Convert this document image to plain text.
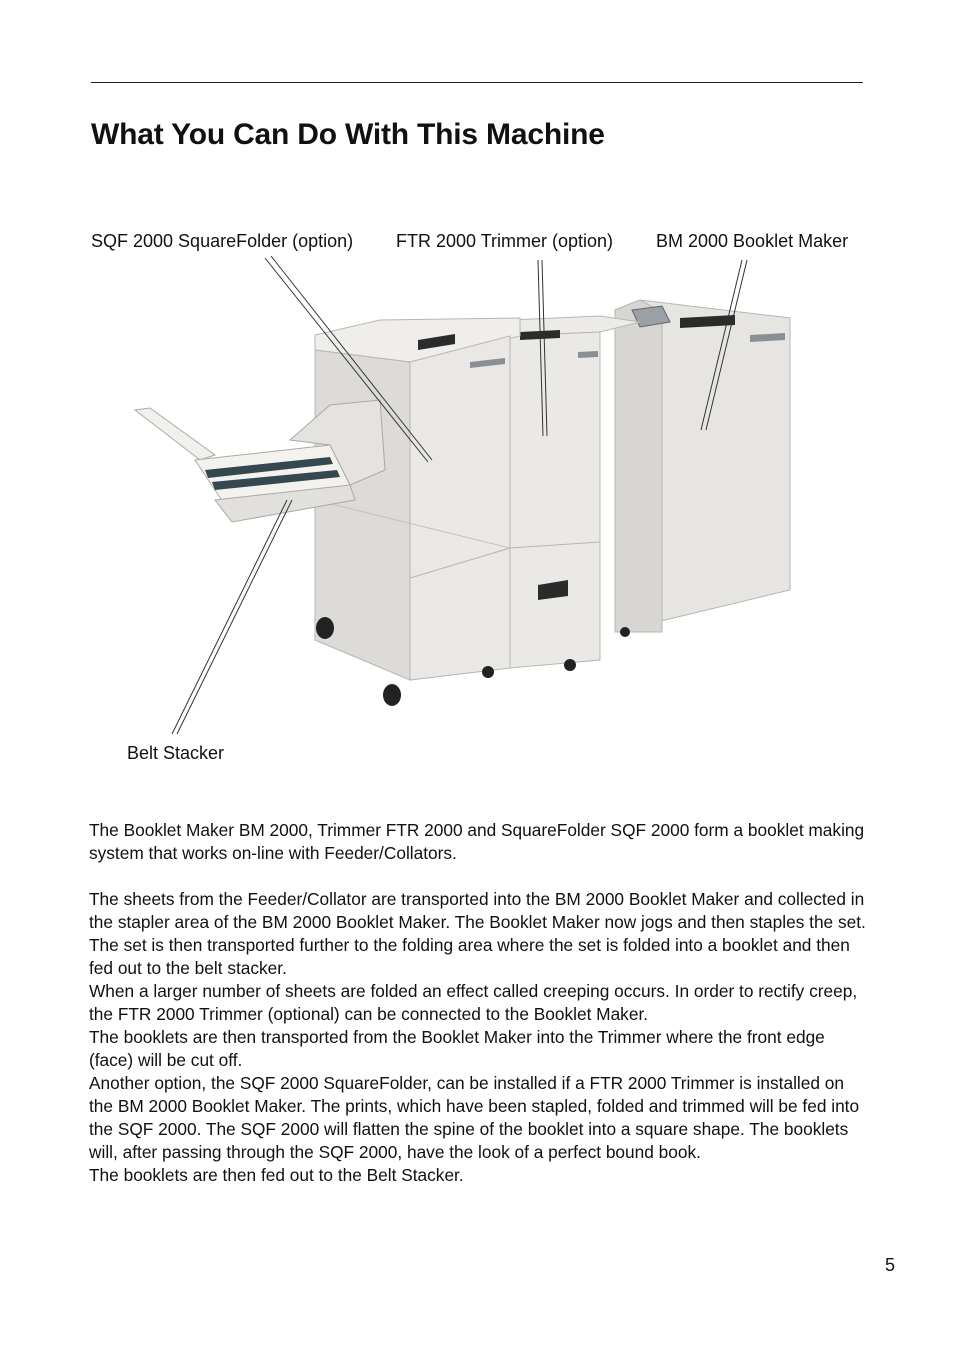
What You Can Do With This Machine
SQF 2000 SquareFolder (option) FTR 2000 Trimmer (option) BM 2000 Booklet Maker
Belt Stacker

The Booklet Maker BM 2000, Trimmer FTR 2000 and SquareFolder SQF 2000 form a booklet making system that works on-line with Feeder/Collators.

The sheets from the Feeder/Collator are transported into the BM 2000 Booklet Maker and collected in the stapler area of the BM 2000 Booklet Maker. The Booklet Maker now jogs and then staples the set. The set is then transported further to the folding area where the set is folded into a booklet and then fed out to the belt stacker.

When a larger number of sheets are folded an effect called creeping occurs. In order to rectify creep, the FTR 2000 Trimmer (optional) can be connected to the Booklet Maker.

The booklets are then transported from the Booklet Maker into the Trimmer where the front edge (face) will be cut off.

Another option, the SQF 2000 SquareFolder, can be installed if a FTR 2000 Trimmer is installed on the BM 2000 Booklet Maker. The prints, which have been stapled, folded and trimmed will be fed into the SQF 2000. The SQF 2000 will flatten the spine of the booklet into a square shape. The booklets will, after passing through the SQF 2000, have the look of a perfect bound book.

The booklets are then fed out to the Belt Stacker.

5
